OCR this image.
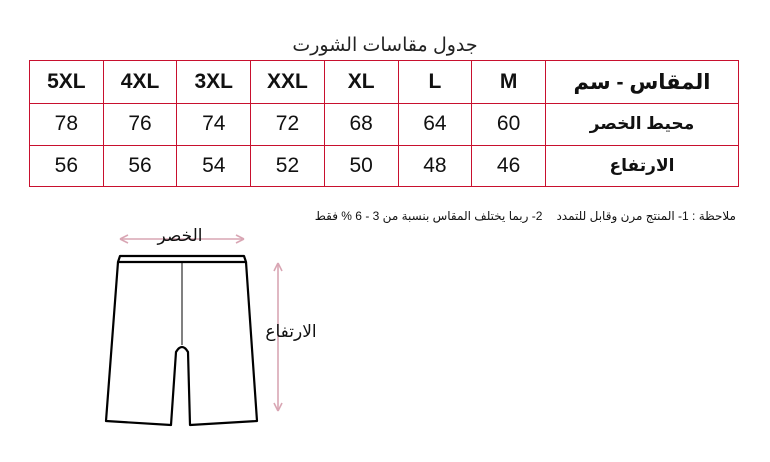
جدول مقاسات الشورت
5XL	4XL	3XL	XXL	XL	L	M	المقاس - سم
78	76	74	72	68	64	60	محيط الخصر
56	56	54	52	50	48	46	الارتفاع
ملاحظة : 1- المنتج مرن وقابل للتمدد2- ربما يختلف المقاس بنسبة من 3 - 6 % فقط
الخصر
الارتفاع
